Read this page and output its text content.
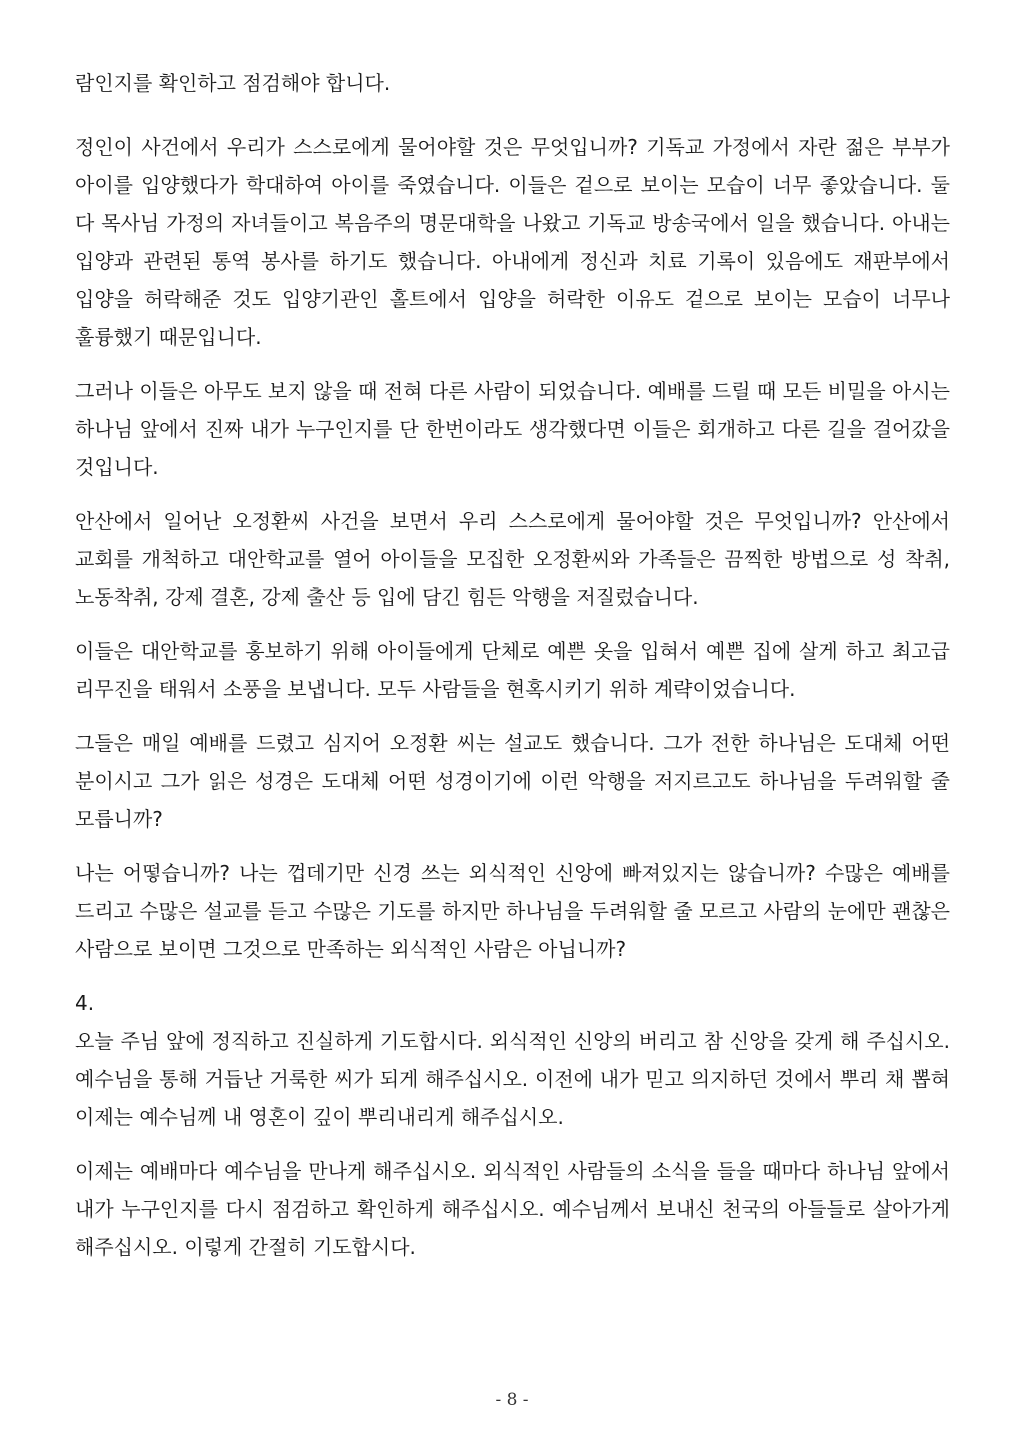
람인지를 확인하고 점검해야 합니다.

정인이 사건에서 우리가 스스로에게 물어야할 것은 무엇입니까? 기독교 가정에서 자란 젊은 부부가 아이를 입양했다가 학대하여 아이를 죽였습니다. 이들은 겉으로 보이는 모습이 너무 좋았습니다. 둘 다 목사님 가정의 자녀들이고 복음주의 명문대학을 나왔고 기독교 방송국에서 일을 했습니다. 아내는 입양과 관련된 통역 봉사를 하기도 했습니다. 아내에게 정신과 치료 기록이 있음에도 재판부에서 입양을 허락해준 것도 입양기관인 홀트에서 입양을 허락한 이유도 겉으로 보이는 모습이 너무나 훌륭했기 때문입니다.

그러나 이들은 아무도 보지 않을 때 전혀 다른 사람이 되었습니다. 예배를 드릴 때 모든 비밀을 아시는 하나님 앞에서 진짜 내가 누구인지를 단 한번이라도 생각했다면 이들은 회개하고 다른 길을 걸어갔을 것입니다.

안산에서 일어난 오정환씨 사건을 보면서 우리 스스로에게 물어야할 것은 무엇입니까? 안산에서 교회를 개척하고 대안학교를 열어 아이들을 모집한 오정환씨와 가족들은 끔찍한 방법으로 성 착취, 노동착취, 강제 결혼, 강제 출산 등 입에 담긴 힘든 악행을 저질렀습니다.

이들은 대안학교를 홍보하기 위해 아이들에게 단체로 예쁜 옷을 입혀서 예쁜 집에 살게 하고 최고급 리무진을 태워서 소풍을 보냅니다. 모두 사람들을 현혹시키기 위하 계략이었습니다.

그들은 매일 예배를 드렸고 심지어 오정환 씨는 설교도 했습니다. 그가 전한 하나님은 도대체 어떤 분이시고 그가 읽은 성경은 도대체 어떤 성경이기에 이런 악행을 저지르고도 하나님을 두려워할 줄 모릅니까?

나는 어떻습니까? 나는 껍데기만 신경 쓰는 외식적인 신앙에 빠져있지는 않습니까? 수많은 예배를 드리고 수많은 설교를 듣고 수많은 기도를 하지만 하나님을 두려워할 줄 모르고 사람의 눈에만 괜찮은 사람으로 보이면 그것으로 만족하는 외식적인 사람은 아닙니까?

4.

오늘 주님 앞에 정직하고 진실하게 기도합시다. 외식적인 신앙의 버리고 참 신앙을 갖게 해 주십시오. 예수님을 통해 거듭난 거룩한 씨가 되게 해주십시오. 이전에 내가 믿고 의지하던 것에서 뿌리 채 뽑혀 이제는 예수님께 내 영혼이 깊이 뿌리내리게 해주십시오.

이제는 예배마다 예수님을 만나게 해주십시오. 외식적인 사람들의 소식을 들을 때마다 하나님 앞에서 내가 누구인지를 다시 점검하고 확인하게 해주십시오. 예수님께서 보내신 천국의 아들들로 살아가게 해주십시오. 이렇게 간절히 기도합시다.

- 8 -
